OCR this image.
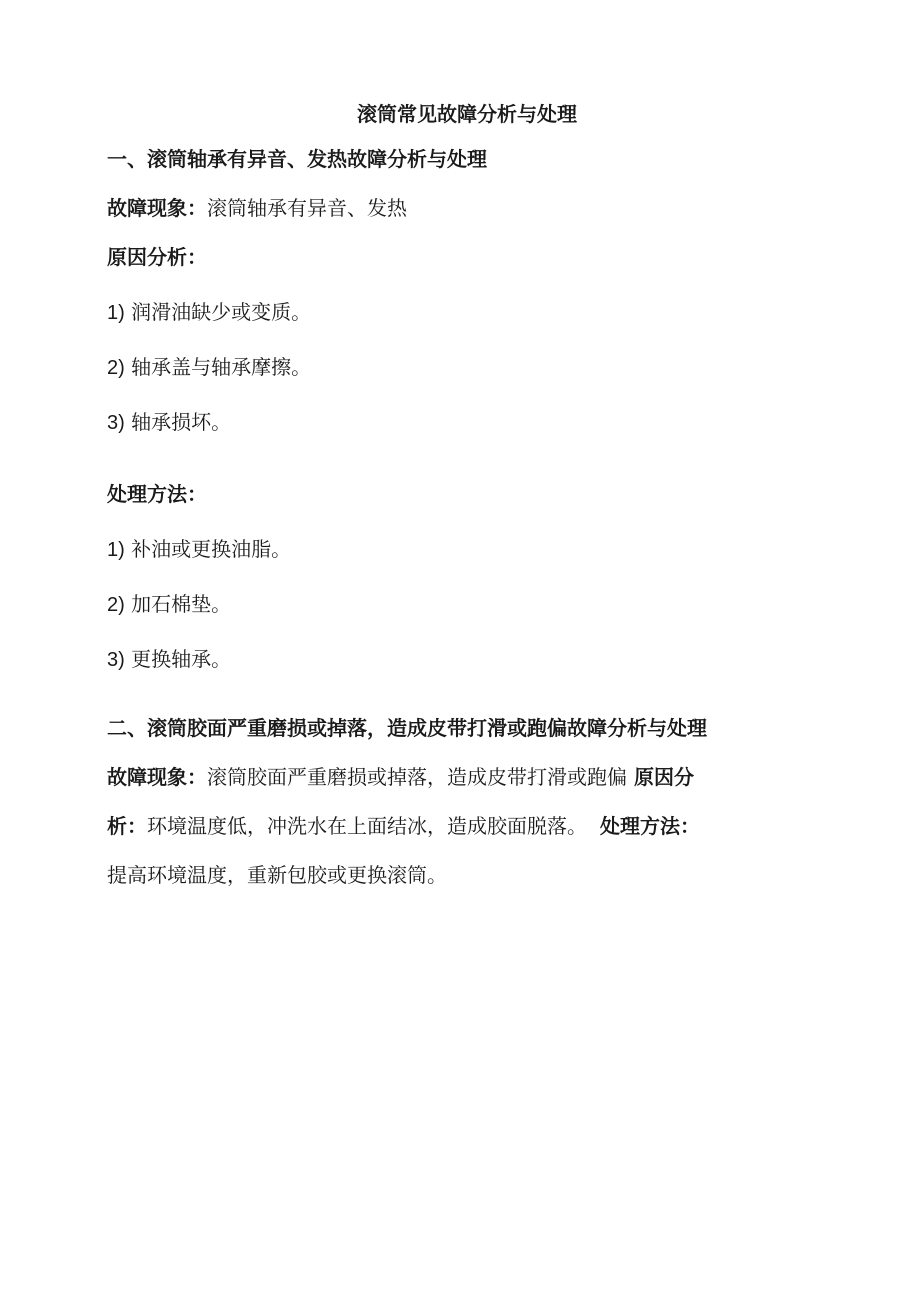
滚筒常见故障分析与处理
一、滚筒轴承有异音、发热故障分析与处理
故障现象：滚筒轴承有异音、发热
原因分析：
1) 润滑油缺少或变质。
2) 轴承盖与轴承摩擦。
3) 轴承损坏。
处理方法：
1) 补油或更换油脂。
2) 加石棉垫。
3) 更换轴承。
二、滚筒胶面严重磨损或掉落，造成皮带打滑或跑偏故障分析与处理
故障现象：滚筒胶面严重磨损或掉落，造成皮带打滑或跑偏 原因分
析：环境温度低，冲洗水在上面结冰，造成胶面脱落。 处理方法：
提高环境温度，重新包胶或更换滚筒。
